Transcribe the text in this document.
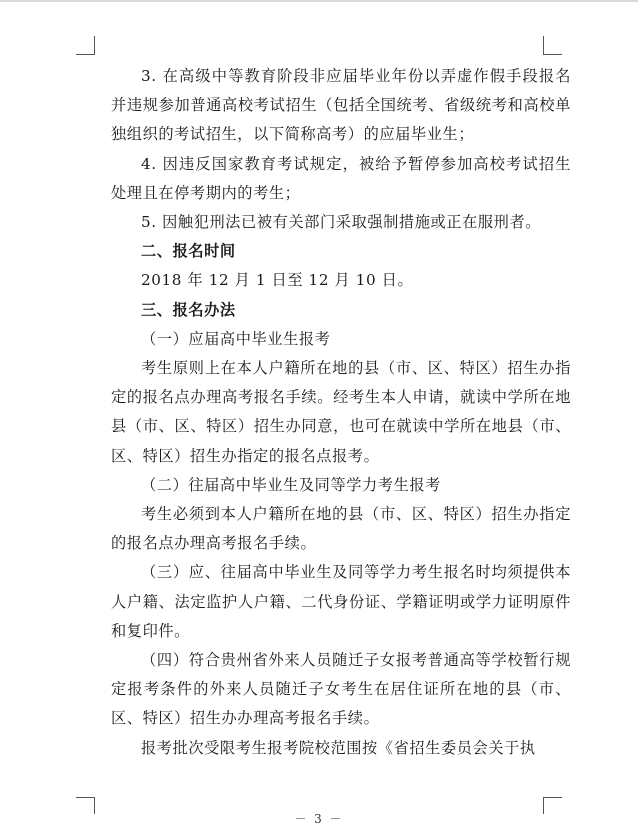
3. 在高级中等教育阶段非应届毕业年份以弄虚作假手段报名并违规参加普通高校考试招生（包括全国统考、省级统考和高校单独组织的考试招生，以下简称高考）的应届毕业生；

4. 因违反国家教育考试规定，被给予暂停参加高校考试招生处理且在停考期内的考生；

5. 因触犯刑法已被有关部门采取强制措施或正在服刑者。

二、报名时间

2018 年 12 月 1 日至 12 月 10 日。

三、报名办法

（一）应届高中毕业生报考

考生原则上在本人户籍所在地的县（市、区、特区）招生办指定的报名点办理高考报名手续。经考生本人申请，就读中学所在地县（市、区、特区）招生办同意，也可在就读中学所在地县（市、区、特区）招生办指定的报名点报考。

（二）往届高中毕业生及同等学力考生报考

考生必须到本人户籍所在地的县（市、区、特区）招生办指定的报名点办理高考报名手续。

（三）应、往届高中毕业生及同等学力考生报名时均须提供本人户籍、法定监护人户籍、二代身份证、学籍证明或学力证明原件和复印件。

（四）符合贵州省外来人员随迁子女报考普通高等学校暂行规定报考条件的外来人员随迁子女考生在居住证所在地的县（市、区、特区）招生办办理高考报名手续。

报考批次受限考生报考院校范围按《省招生委员会关于执

－ 3 －
